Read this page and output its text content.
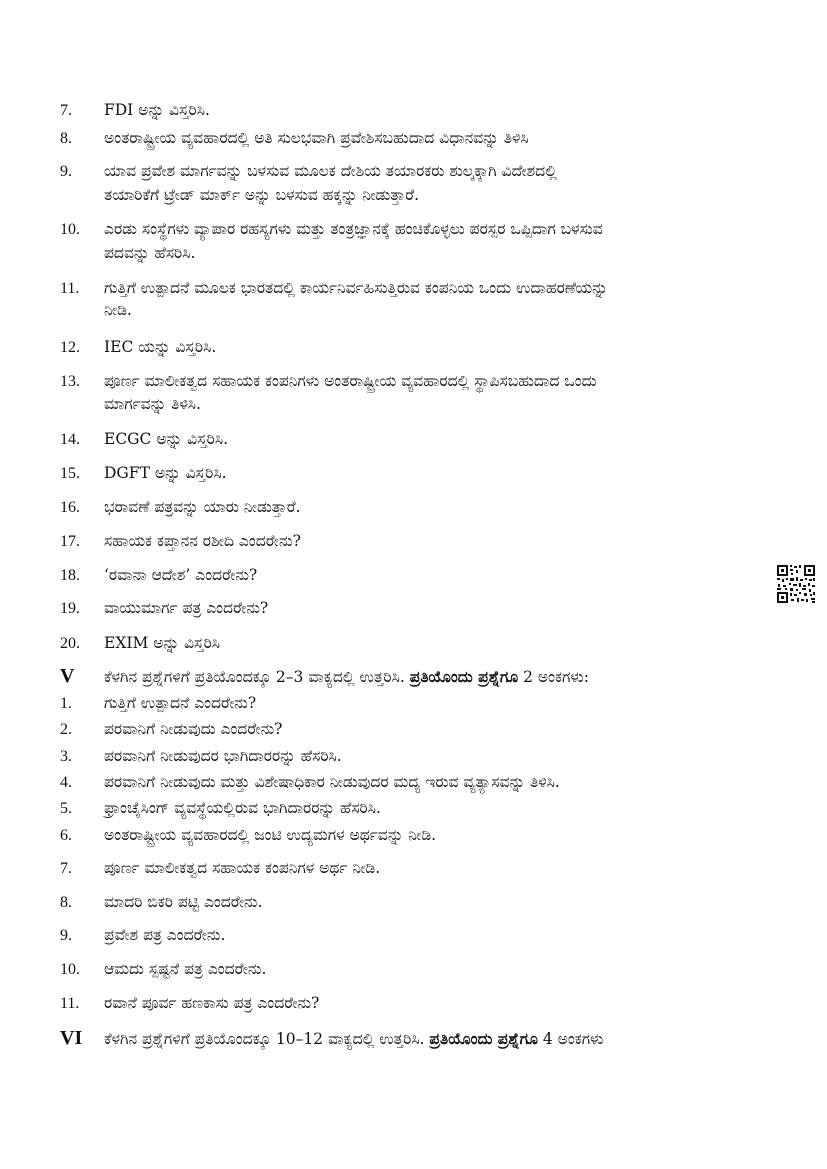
7. FDI ಅನ್ನು ವಿಸ್ತರಿಸಿ.
8. ಅಂತರಾಷ್ಟ್ರೀಯ ವ್ಯವಹಾರದಲ್ಲಿ ಅತಿ ಸುಲಭವಾಗಿ ಪ್ರವೇಶಿಸಬಹುದಾದ ವಿಧಾನವನ್ನು ತಿಳಿಸಿ
9. ಯಾವ ಪ್ರವೇಶ ಮಾರ್ಗವನ್ನು ಬಳಸುವ ಮೂಲಕ ದೇಶಿಯ ತಯಾರಕರು ಶುಲ್ಕಕ್ಕಾಗಿ ವಿದೇಶದಲ್ಲಿ
ತಯಾರಿಕೆಗೆ ಟ್ರೇಡ್ ಮಾರ್ಕ್ ಅನ್ನು ಬಳಸುವ ಹಕ್ಕನ್ನು ನೀಡುತ್ತಾರೆ.
10. ಎರಡು ಸಂಸ್ಥೆಗಳು ವ್ಯಾಪಾರ ರಹಸ್ಯಗಳು ಮತ್ತು ತಂತ್ರಜ್ಞಾನಕ್ಕೆ ಹಂಚಿಕೊಳ್ಳಲು ಪರಸ್ಪರ ಒಪ್ಪಿದಾಗ ಬಳಸುವ
ಪದವನ್ನು ಹೆಸರಿಸಿ.
11. ಗುತ್ತಿಗೆ ಉತ್ಪಾದನೆ ಮೂಲಕ ಭಾರತದಲ್ಲಿ ಕಾರ್ಯನಿರ್ವಹಿಸುತ್ತಿರುವ ಕಂಪನಿಯ ಒಂದು ಉದಾಹರಣೆಯನ್ನು
ನೀಡಿ.
12. IEC ಯನ್ನು ವಿಸ್ತರಿಸಿ.
13. ಪೂರ್ಣ ಮಾಲೀಕತ್ವದ ಸಹಾಯಕ ಕಂಪನಿಗಳು ಅಂತರಾಷ್ಟ್ರೀಯ ವ್ಯವಹಾರದಲ್ಲಿ ಸ್ಥಾಪಿಸಬಹುದಾದ ಒಂದು
ಮಾರ್ಗವನ್ನು ತಿಳಿಸಿ.
14. ECGC ಅನ್ನು ವಿಸ್ತರಿಸಿ.
15. DGFT ಅನ್ನು ವಿಸ್ತರಿಸಿ.
16. ಭರಾವಣೆ ಪತ್ರವನ್ನು ಯಾರು ನೀಡುತ್ತಾರೆ.
17. ಸಹಾಯಕ ಕಪ್ತಾನನ ರಶೀದಿ ಎಂದರೇನು?
18. ‘ರವಾನಾ ಆದೇಶ’ ಎಂದರೇನು?
19. ವಾಯುಮಾರ್ಗ ಪತ್ರ ಎಂದರೇನು?
20. EXIM ಅನ್ನು ವಿಸ್ತರಿಸಿ
V ಕೆಳಗಿನ ಪ್ರಶ್ನೆಗಳಿಗೆ ಪ್ರತಿಯೊಂದಕ್ಕೂ 2–3 ವಾಕ್ಯದಲ್ಲಿ ಉತ್ತರಿಸಿ. ಪ್ರತಿಯೊಂದು ಪ್ರಶ್ನೆಗೂ 2 ಅಂಕಗಳು:
1. ಗುತ್ತಿಗೆ ಉತ್ಪಾದನೆ ಎಂದರೇನು?
2. ಪರವಾನಿಗೆ ನೀಡುವುದು ಎಂದರೇನು?
3. ಪರವಾನಿಗೆ ನೀಡುವುದರ ಭಾಗಿದಾರರನ್ನು ಹೆಸರಿಸಿ.
4. ಪರವಾನಿಗೆ ನೀಡುವುದು ಮತ್ತು ವಿಶೇಷಾಧಿಕಾರ ನೀಡುವುದರ ಮದ್ಯ ಇರುವ ವ್ಯತ್ಯಾಸವನ್ನು ತಿಳಿಸಿ.
5. ಫ್ರಾಂಚೈಸಿಂಗ್ ವ್ಯವಸ್ಥೆಯಲ್ಲಿರುವ ಭಾಗಿದಾರರನ್ನು ಹೆಸರಿಸಿ.
6. ಅಂತರಾಷ್ಟ್ರೀಯ ವ್ಯವಹಾರದಲ್ಲಿ ಜಂಟಿ ಉದ್ಯಮಗಳ ಅರ್ಥವನ್ನು ನೀಡಿ.
7. ಪೂರ್ಣ ಮಾಲೀಕತ್ವದ ಸಹಾಯಕ ಕಂಪನಿಗಳ ಅರ್ಥ ನೀಡಿ.
8. ಮಾದರಿ ಬಿಕರಿ ಪಟ್ಟಿ ಎಂದರೇನು.
9. ಪ್ರವೇಶ ಪತ್ರ ಎಂದರೇನು.
10. ಆಮದು ಸ್ಪಷ್ಟನೆ ಪತ್ರ ಎಂದರೇನು.
11. ರವಾನೆ ಪೂರ್ವ ಹಣಕಾಸು ಪತ್ರ ಎಂದರೇನು?
VI ಕೆಳಗಿನ ಪ್ರಶ್ನೆಗಳಿಗೆ ಪ್ರತಿಯೊಂದಕ್ಕೂ 10–12 ವಾಕ್ಯದಲ್ಲಿ ಉತ್ತರಿಸಿ. ಪ್ರತಿಯೊಂದು ಪ್ರಶ್ನೆಗೂ 4 ಅಂಕಗಳು
